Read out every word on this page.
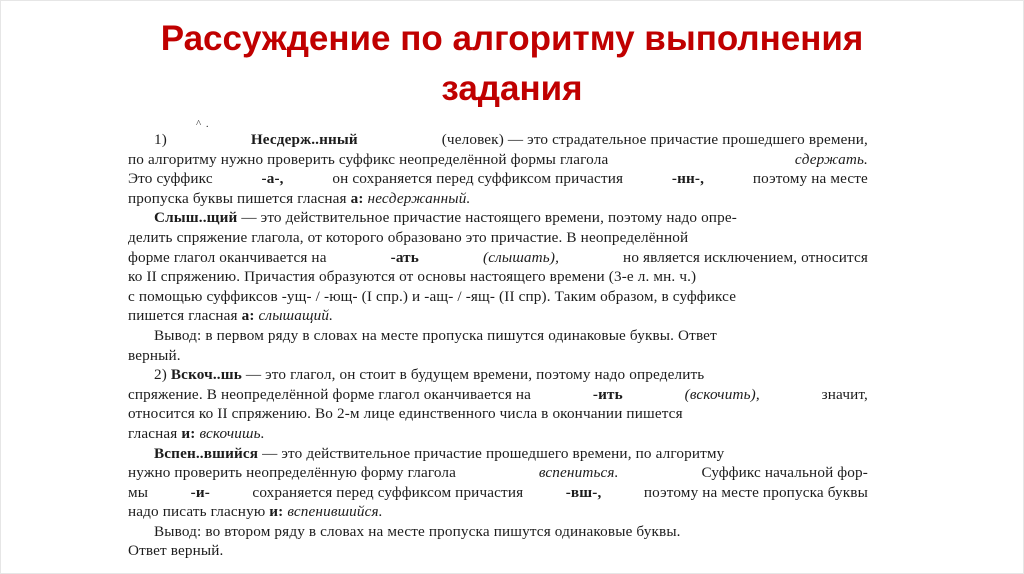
Рассуждение по алгоритму выполнения
задания
^ .
1)	Несдерж..нный	(человек) — это страдательное причастие прошедшего времени,
по алгоритму нужно проверить суффикс неопределённой формы глагола	сдержать.
Это суффикс	-а-,	он сохраняется перед суффиксом причастия	-нн-,	поэтому на месте
пропуска буквы пишется гласная а: несдержанный.
Слыш..щий — это действительное причастие настоящего времени, поэтому надо опре-
делить спряжение глагола, от которого образовано это причастие. В неопределённой
форме глагол оканчивается на	-ать	(слышать),	но является исключением, относится
ко II спряжению. Причастия образуются от основы настоящего времени (3-е л. мн. ч.)
с помощью суффиксов -ущ- / -ющ- (I спр.) и -ащ- / -ящ- (II спр). Таким образом, в суффиксе
пишется гласная а: слышащий.
Вывод: в первом ряду в словах на месте пропуска пишутся одинаковые буквы. Ответ
верный.
2) Вскоч..шь — это глагол, он стоит в будущем времени, поэтому надо определить
спряжение. В неопределённой форме глагол оканчивается на	-ить	(вскочить),	значит,
относится ко II спряжению. Во 2-м лице единственного числа в окончании пишется
гласная и: вскочишь.
Вспен..вшийся — это действительное причастие прошедшего времени, по алгоритму
нужно проверить неопределённую форму глагола	вспениться.	Суффикс начальной фор-
мы	-и-	сохраняется перед суффиксом причастия	-вш-,	поэтому на месте пропуска буквы
надо писать гласную и: вспенившийся.
Вывод: во втором ряду в словах на месте пропуска пишутся одинаковые буквы.
Ответ верный.
